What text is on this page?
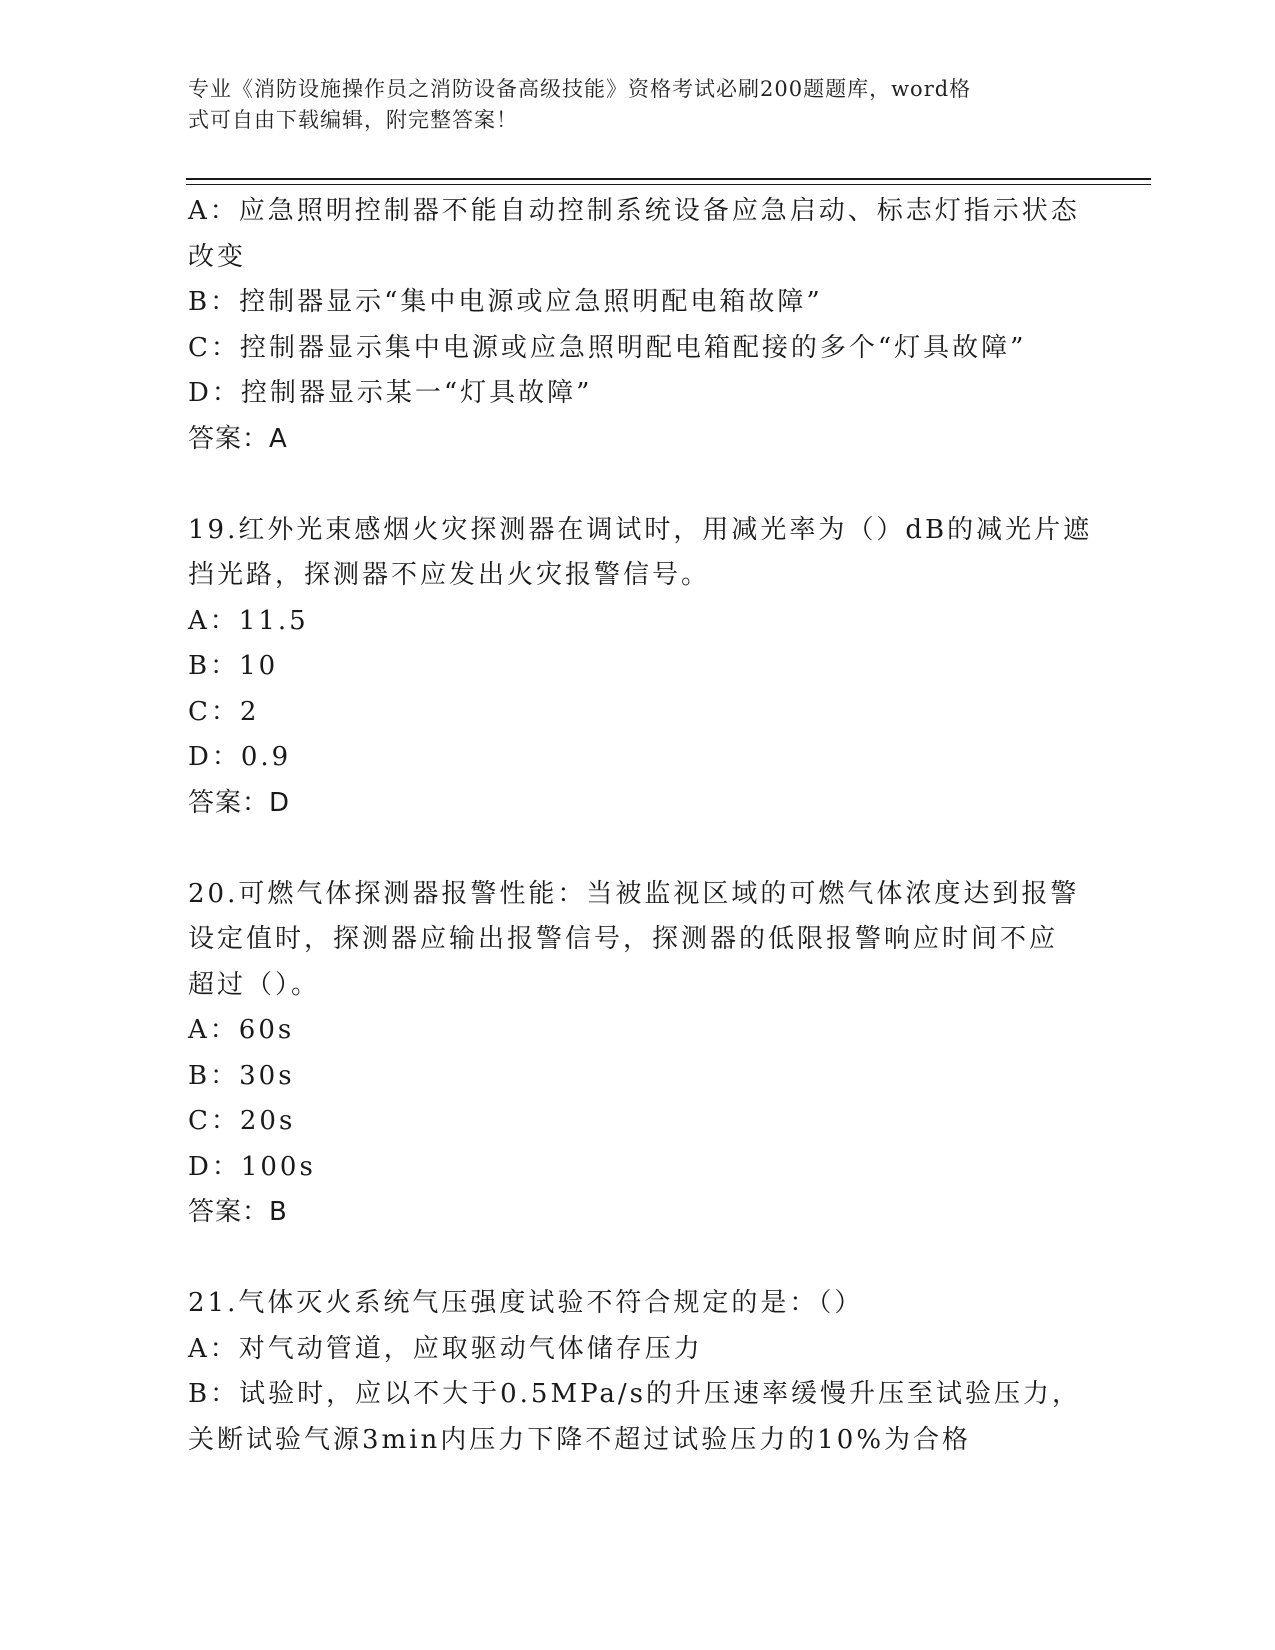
专业《消防设施操作员之消防设备高级技能》资格考试必刷200题题库，word格
式可自由下载编辑，附完整答案！
A：应急照明控制器不能自动控制系统设备应急启动、标志灯指示状态
改变
B：控制器显示“集中电源或应急照明配电箱故障”
C：控制器显示集中电源或应急照明配电箱配接的多个“灯具故障”
D：控制器显示某一“灯具故障”
答案：A
19.红外光束感烟火灾探测器在调试时，用减光率为（）dB的减光片遮
挡光路，探测器不应发出火灾报警信号。
A：11.5
B：10
C：2
D：0.9
答案：D
20.可燃气体探测器报警性能：当被监视区域的可燃气体浓度达到报警
设定值时，探测器应输出报警信号，探测器的低限报警响应时间不应
超过（）。
A：60s
B：30s
C：20s
D：100s
答案：B
21.气体灭火系统气压强度试验不符合规定的是：（）
A：对气动管道，应取驱动气体储存压力
B：试验时，应以不大于0.5MPa/s的升压速率缓慢升压至试验压力，
关断试验气源3min内压力下降不超过试验压力的10%为合格
